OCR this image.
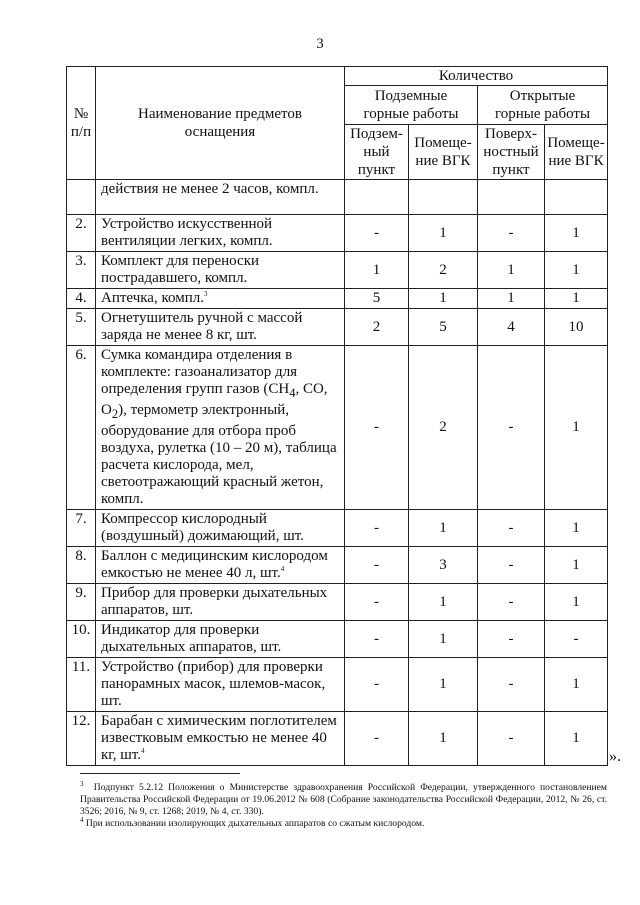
3
№ п/п	Наименование предметов оснащения	Количество			
		Подземные горные работы		Открытые горные работы	
		Подзем-ный пункт	Помеще-ние ВГК	Поверх-ностный пункт	Помеще-ние ВГК
	действия не менее 2 часов, компл.				
2.	Устройство искусственной вентиляции легких, компл.	-	1	-	1
3.	Комплект для переноски пострадавшего, компл.	1	2	1	1
4.	Аптечка, компл.$^3$	5	1	1	1
5.	Огнетушитель ручной с массой заряда не менее 8 кг, шт.	2	5	4	10
6.	Сумка командира отделения в комплекте: газоанализатор для определения групп газов ($СН_4$, СО, $О_2$), термометр электронный, оборудование для отбора проб воздуха, рулетка (10 – 20 м), таблица расчета кислорода, мел, светоотражающий красный жетон, компл.	-	2	-	1
7.	Компрессор кислородный (воздушный) дожимающий, шт.	-	1	-	1
8.	Баллон с медицинским кислородом емкостью не менее 40 л, шт.$^4$	-	3	-	1
9.	Прибор для проверки дыхательных аппаратов, шт.	-	1	-	1
10.	Индикатор для проверки дыхательных аппаратов, шт.	-	1	-	-
11.	Устройство (прибор) для проверки панорамных масок, шлемов-масок, шт.	-	1	-	1
12.	Барабан с химическим поглотителем известковым емкостью не менее 40 кг, шт.$^4$	-	1	-	1
».

$^3$ Подпункт 5.2.12 Положения о Министерстве здравоохранения Российской Федерации, утвержденного постановлением Правительства Российской Федерации от 19.06.2012 № 608 (Собрание законодательства Российской Федерации, 2012, № 26, ст. 3526; 2016, № 9, ст. 1268; 2019, № 4, ст. 330).

$^4$ При использовании изолирующих дыхательных аппаратов со сжатым кислородом.
